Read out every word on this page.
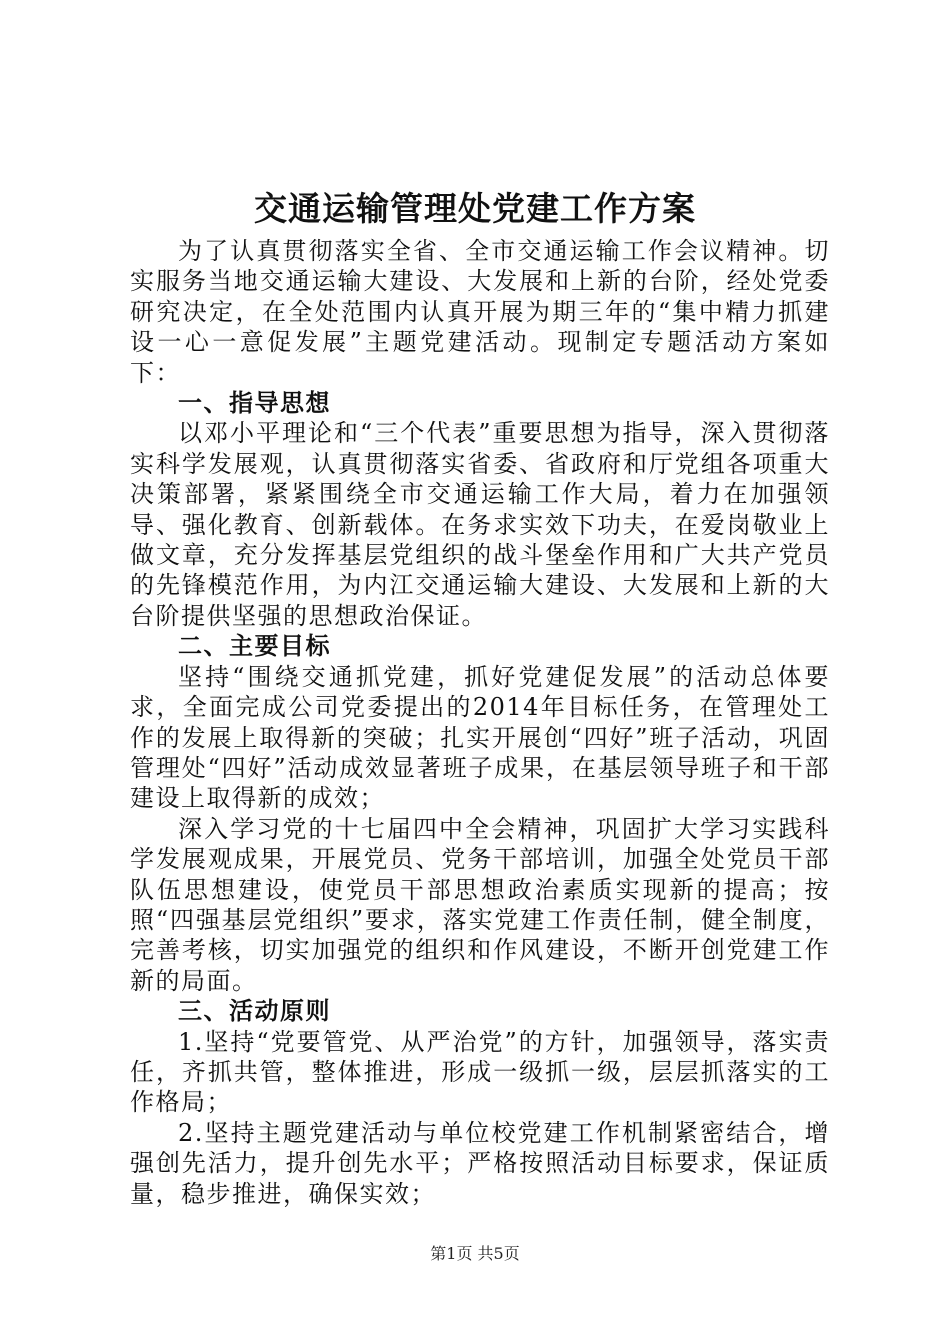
交通运输管理处党建工作方案

为了认真贯彻落实全省、全市交通运输工作会议精神。切实服务当地交通运输大建设、大发展和上新的台阶，经处党委研究决定，在全处范围内认真开展为期三年的“集中精力抓建设一心一意促发展”主题党建活动。现制定专题活动方案如下：

一、指导思想

以邓小平理论和“三个代表”重要思想为指导，深入贯彻落实科学发展观，认真贯彻落实省委、省政府和厅党组各项重大决策部署，紧紧围绕全市交通运输工作大局，着力在加强领导、强化教育、创新载体。在务求实效下功夫，在爱岗敬业上做文章，充分发挥基层党组织的战斗堡垒作用和广大共产党员的先锋模范作用，为内江交通运输大建设、大发展和上新的大台阶提供坚强的思想政治保证。

二、主要目标

坚持“围绕交通抓党建，抓好党建促发展”的活动总体要求，全面完成公司党委提出的2014年目标任务，在管理处工作的发展上取得新的突破；扎实开展创“四好”班子活动，巩固管理处“四好”活动成效显著班子成果，在基层领导班子和干部建设上取得新的成效；

深入学习党的十七届四中全会精神，巩固扩大学习实践科学发展观成果，开展党员、党务干部培训，加强全处党员干部队伍思想建设，使党员干部思想政治素质实现新的提高；按照“四强基层党组织”要求，落实党建工作责任制，健全制度，完善考核，切实加强党的组织和作风建设，不断开创党建工作新的局面。

三、活动原则

1.坚持“党要管党、从严治党”的方针，加强领导，落实责任，齐抓共管，整体推进，形成一级抓一级，层层抓落实的工作格局；

2.坚持主题党建活动与单位校党建工作机制紧密结合，增强创先活力，提升创先水平；严格按照活动目标要求，保证质量，稳步推进，确保实效；

第1页 共5页
